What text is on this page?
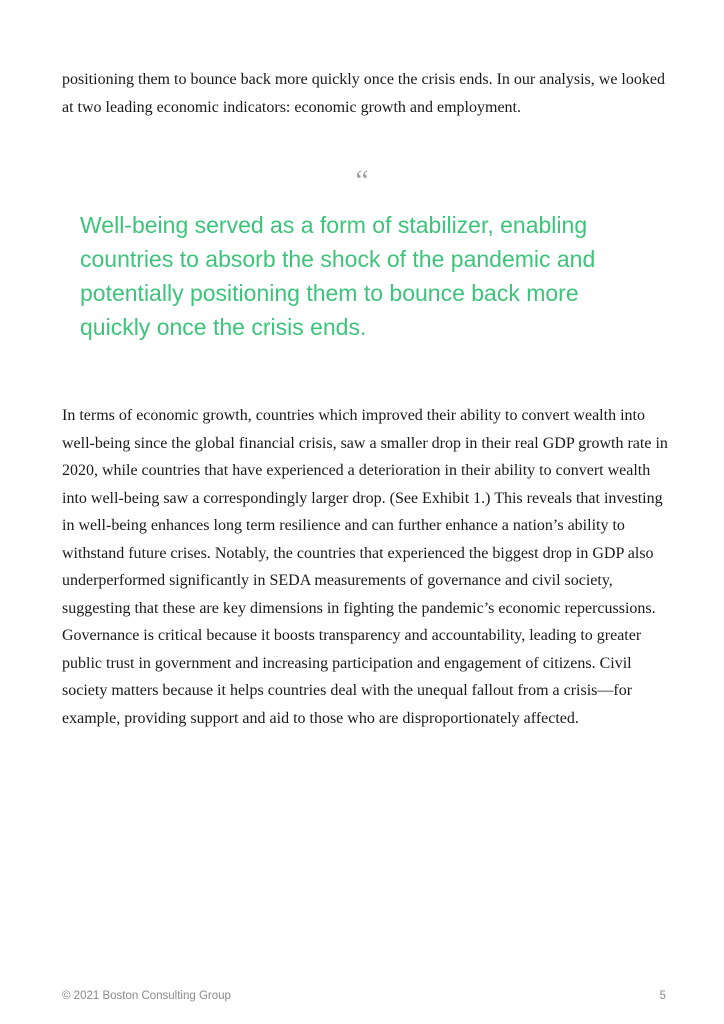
positioning them to bounce back more quickly once the crisis ends. In our analysis, we looked at two leading economic indicators: economic growth and employment.

“

Well-being served as a form of stabilizer, enabling countries to absorb the shock of the pandemic and potentially positioning them to bounce back more quickly once the crisis ends.

In terms of economic growth, countries which improved their ability to convert wealth into well-being since the global financial crisis, saw a smaller drop in their real GDP growth rate in 2020, while countries that have experienced a deterioration in their ability to convert wealth into well-being saw a correspondingly larger drop. (See Exhibit 1.) This reveals that investing in well-being enhances long term resilience and can further enhance a nation’s ability to withstand future crises. Notably, the countries that experienced the biggest drop in GDP also underperformed significantly in SEDA measurements of governance and civil society, suggesting that these are key dimensions in fighting the pandemic’s economic repercussions. Governance is critical because it boosts transparency and accountability, leading to greater public trust in government and increasing participation and engagement of citizens. Civil society matters because it helps countries deal with the unequal fallout from a crisis—for example, providing support and aid to those who are disproportionately affected.

© 2021 Boston Consulting Group	5
